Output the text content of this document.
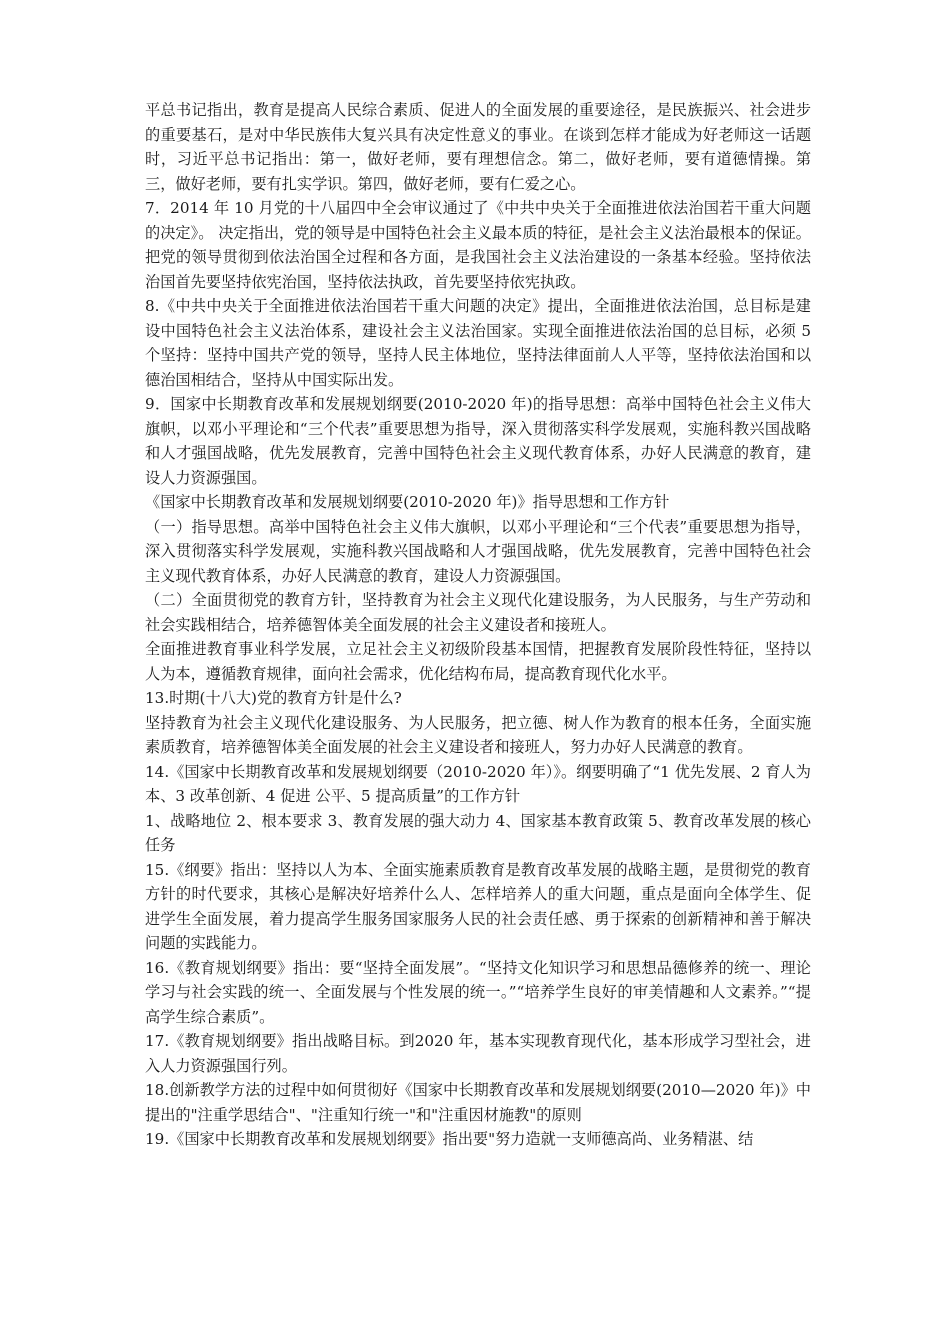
平总书记指出，教育是提高人民综合素质、促进人的全面发展的重要途径，是民族振兴、社会进步的重要基石，是对中华民族伟大复兴具有决定性意义的事业。在谈到怎样才能成为好老师这一话题时，习近平总书记指出：第一，做好老师，要有理想信念。第二，做好老师，要有道德情操。第三，做好老师，要有扎实学识。第四，做好老师，要有仁爱之心。

7．2014 年 10 月党的十八届四中全会审议通过了《中共中央关于全面推进依法治国若干重大问题的决定》。 决定指出，党的领导是中国特色社会主义最本质的特征，是社会主义法治最根本的保证。把党的领导贯彻到依法治国全过程和各方面，是我国社会主义法治建设的一条基本经验。坚持依法治国首先要坚持依宪治国，坚持依法执政，首先要坚持依宪执政。

8.《中共中央关于全面推进依法治国若干重大问题的决定》提出，全面推进依法治国，总目标是建设中国特色社会主义法治体系，建设社会主义法治国家。实现全面推进依法治国的总目标，必须 5 个坚持：坚持中国共产党的领导，坚持人民主体地位，坚持法律面前人人平等，坚持依法治国和以德治国相结合，坚持从中国实际出发。

9．国家中长期教育改革和发展规划纲要(2010-2020 年)的指导思想：高举中国特色社会主义伟大旗帜，以邓小平理论和“三个代表”重要思想为指导，深入贯彻落实科学发展观，实施科教兴国战略和人才强国战略，优先发展教育，完善中国特色社会主义现代教育体系，办好人民满意的教育，建设人力资源强国。

《国家中长期教育改革和发展规划纲要(2010-2020 年)》指导思想和工作方针

（一）指导思想。高举中国特色社会主义伟大旗帜，以邓小平理论和“三个代表”重要思想为指导，深入贯彻落实科学发展观，实施科教兴国战略和人才强国战略，优先发展教育，完善中国特色社会主义现代教育体系，办好人民满意的教育，建设人力资源强国。

（二）全面贯彻党的教育方针，坚持教育为社会主义现代化建设服务，为人民服务，与生产劳动和社会实践相结合，培养德智体美全面发展的社会主义建设者和接班人。

全面推进教育事业科学发展，立足社会主义初级阶段基本国情，把握教育发展阶段性特征，坚持以人为本，遵循教育规律，面向社会需求，优化结构布局，提高教育现代化水平。

13.时期(十八大)党的教育方针是什么?

坚持教育为社会主义现代化建设服务、为人民服务，把立德、树人作为教育的根本任务，全面实施素质教育，培养德智体美全面发展的社会主义建设者和接班人，努力办好人民满意的教育。

14.《国家中长期教育改革和发展规划纲要（2010-2020 年）》。纲要明确了“1 优先发展、2 育人为本、3 改革创新、4 促进 公平、5 提高质量”的工作方针

1、战略地位 2、根本要求 3、教育发展的强大动力 4、国家基本教育政策 5、教育改革发展的核心任务

15.《纲要》指出：坚持以人为本、全面实施素质教育是教育改革发展的战略主题，是贯彻党的教育方针的时代要求，其核心是解决好培养什么人、怎样培养人的重大问题，重点是面向全体学生、促进学生全面发展，着力提高学生服务国家服务人民的社会责任感、勇于探索的创新精神和善于解决问题的实践能力。

16.《教育规划纲要》指出：要“坚持全面发展”。“坚持文化知识学习和思想品德修养的统一、理论学习与社会实践的统一、全面发展与个性发展的统一。”“培养学生良好的审美情趣和人文素养。”“提高学生综合素质”。

17.《教育规划纲要》指出战略目标。到2020 年，基本实现教育现代化，基本形成学习型社会，进入人力资源强国行列。

18.创新教学方法的过程中如何贯彻好《国家中长期教育改革和发展规划纲要(2010—2020 年)》中提出的"注重学思结合"、"注重知行统一"和"注重因材施教"的原则

19.《国家中长期教育改革和发展规划纲要》指出要"努力造就一支师德高尚、业务精湛、结
